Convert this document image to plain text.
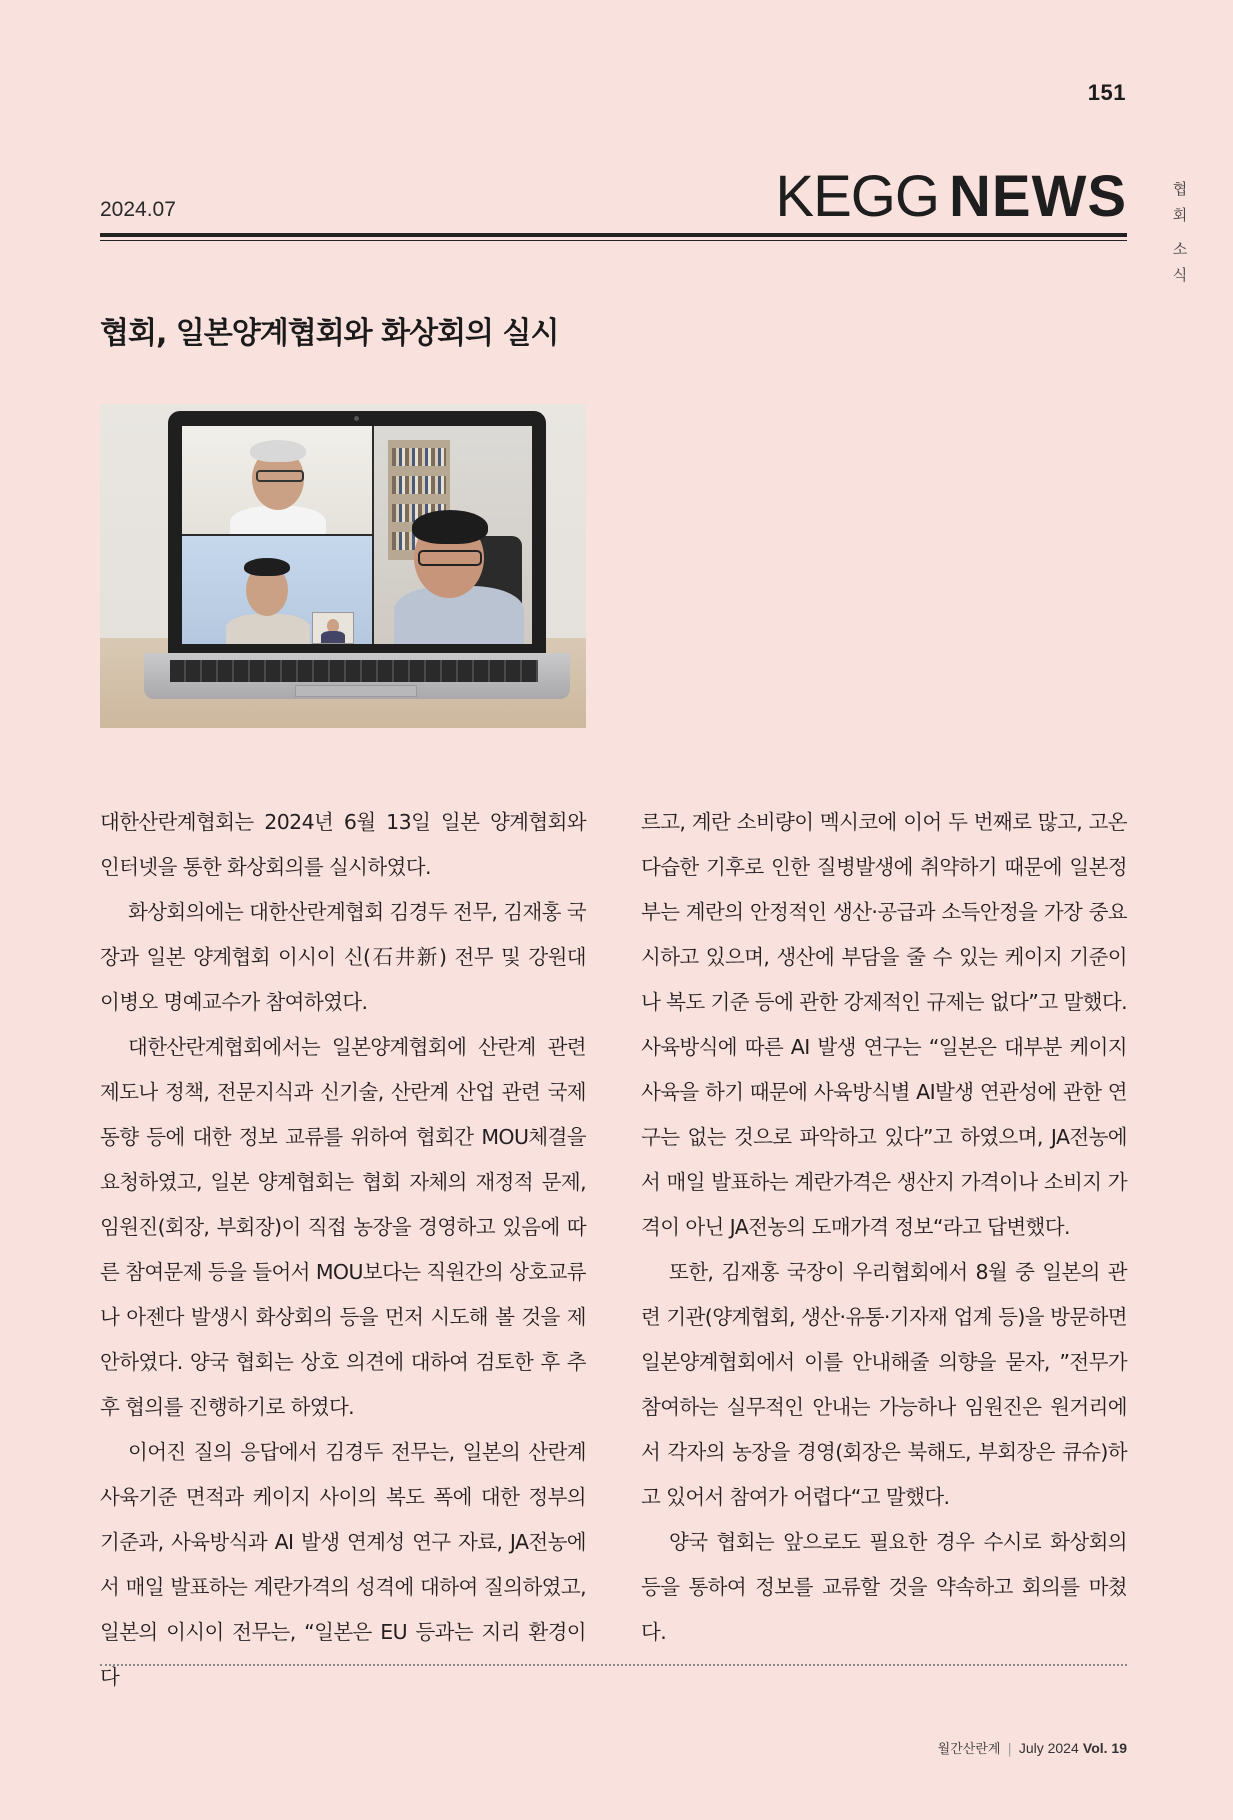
151
협
회
소
식
2024.07	KEGG NEWS
협회, 일본양계협회와 화상회의 실시

대한산란계협회는 2024년 6월 13일 일본 양계협회와 인터넷을 통한 화상회의를 실시하였다.

화상회의에는 대한산란계협회 김경두 전무, 김재홍 국장과 일본 양계협회 이시이 신(石井新) 전무 및 강원대 이병오 명예교수가 참여하였다.

대한산란계협회에서는 일본양계협회에 산란계 관련 제도나 정책, 전문지식과 신기술, 산란계 산업 관련 국제 동향 등에 대한 정보 교류를 위하여 협회간 MOU체결을 요청하였고, 일본 양계협회는 협회 자체의 재정적 문제, 임원진(회장, 부회장)이 직접 농장을 경영하고 있음에 따른 참여문제 등을 들어서 MOU보다는 직원간의 상호교류나 아젠다 발생시 화상회의 등을 먼저 시도해 볼 것을 제안하였다. 양국 협회는 상호 의견에 대하여 검토한 후 추후 협의를 진행하기로 하였다.

이어진 질의 응답에서 김경두 전무는, 일본의 산란계 사육기준 면적과 케이지 사이의 복도 폭에 대한 정부의 기준과, 사육방식과 AI 발생 연계성 연구 자료, JA전농에서 매일 발표하는 계란가격의 성격에 대하여 질의하였고, 일본의 이시이 전무는, “일본은 EU 등과는 지리 환경이 다

르고, 계란 소비량이 멕시코에 이어 두 번째로 많고, 고온다습한 기후로 인한 질병발생에 취약하기 때문에 일본정부는 계란의 안정적인 생산·공급과 소득안정을 가장 중요시하고 있으며, 생산에 부담을 줄 수 있는 케이지 기준이나 복도 기준 등에 관한 강제적인 규제는 없다”고 말했다. 사육방식에 따른 AI 발생 연구는 “일본은 대부분 케이지 사육을 하기 때문에 사육방식별 AI발생 연관성에 관한 연구는 없는 것으로 파악하고 있다”고 하였으며, JA전농에서 매일 발표하는 계란가격은 생산지 가격이나 소비지 가격이 아닌 JA전농의 도매가격 정보“라고 답변했다.

또한, 김재홍 국장이 우리협회에서 8월 중 일본의 관련 기관(양계협회, 생산·유통·기자재 업계 등)을 방문하면 일본양계협회에서 이를 안내해줄 의향을 묻자, ”전무가 참여하는 실무적인 안내는 가능하나 임원진은 원거리에서 각자의 농장을 경영(회장은 북해도, 부회장은 큐슈)하고 있어서 참여가 어렵다“고 말했다.

양국 협회는 앞으로도 필요한 경우 수시로 화상회의 등을 통하여 정보를 교류할 것을 약속하고 회의를 마쳤다.

월간산란계 | July 2024 Vol. 19
